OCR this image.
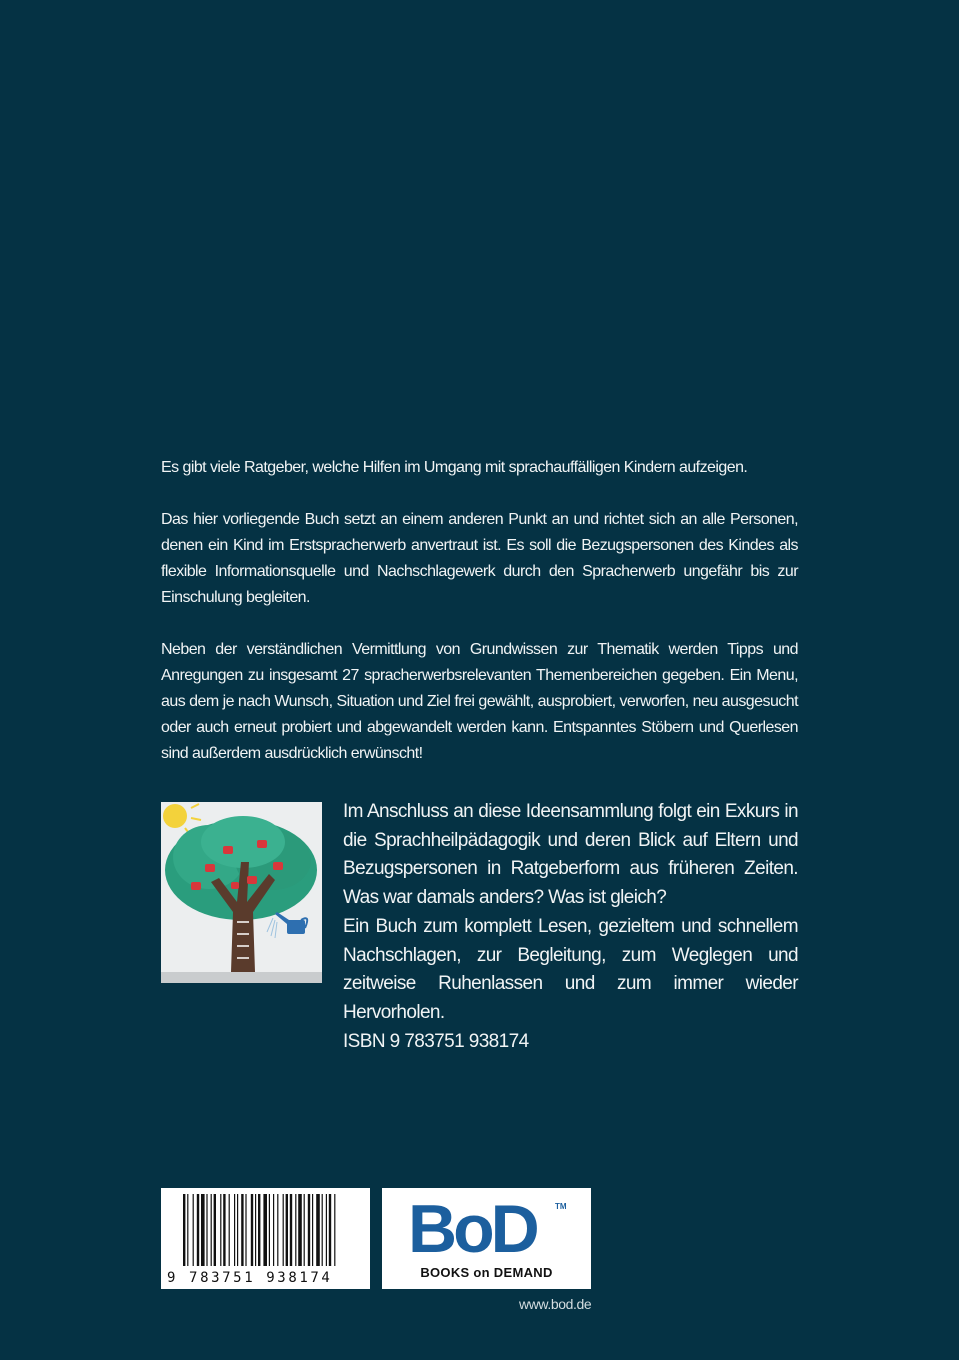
Es gibt viele Ratgeber, welche Hilfen im Umgang mit sprachauffälligen Kindern aufzeigen.

Das hier vorliegende Buch setzt an einem anderen Punkt an und richtet sich an alle Personen, denen ein Kind im Erstspracherwerb anvertraut ist. Es soll die Bezugspersonen des Kindes als flexible Informationsquelle und Nachschlagewerk durch den Spracherwerb ungefähr bis zur Einschulung begleiten.

Neben der verständlichen Vermittlung von Grundwissen zur Thematik werden Tipps und Anregungen zu insgesamt 27 spracherwerbsrelevanten Themenbereichen gegeben. Ein Menu, aus dem je nach Wunsch, Situation und Ziel frei gewählt, ausprobiert, verworfen, neu ausgesucht oder auch erneut probiert und abgewandelt werden kann. Entspanntes Stöbern und Querlesen sind außerdem ausdrücklich erwünscht!

Im Anschluss an diese Ideensammlung folgt ein Exkurs in die Sprachheilpädagogik und deren Blick auf Eltern und Bezugspersonen in Ratgeberform aus früheren Zeiten. Was war damals anders? Was ist gleich?

Ein Buch zum komplett Lesen, gezieltem und schnellem Nachschlagen, zur Begleitung, zum Weglegen und zeitweise Ruhenlassen und zum immer wieder Hervorholen.

ISBN 9 783751 938174

9 783751 938174
BoD TM
BOOKS on DEMAND
www.bod.de
